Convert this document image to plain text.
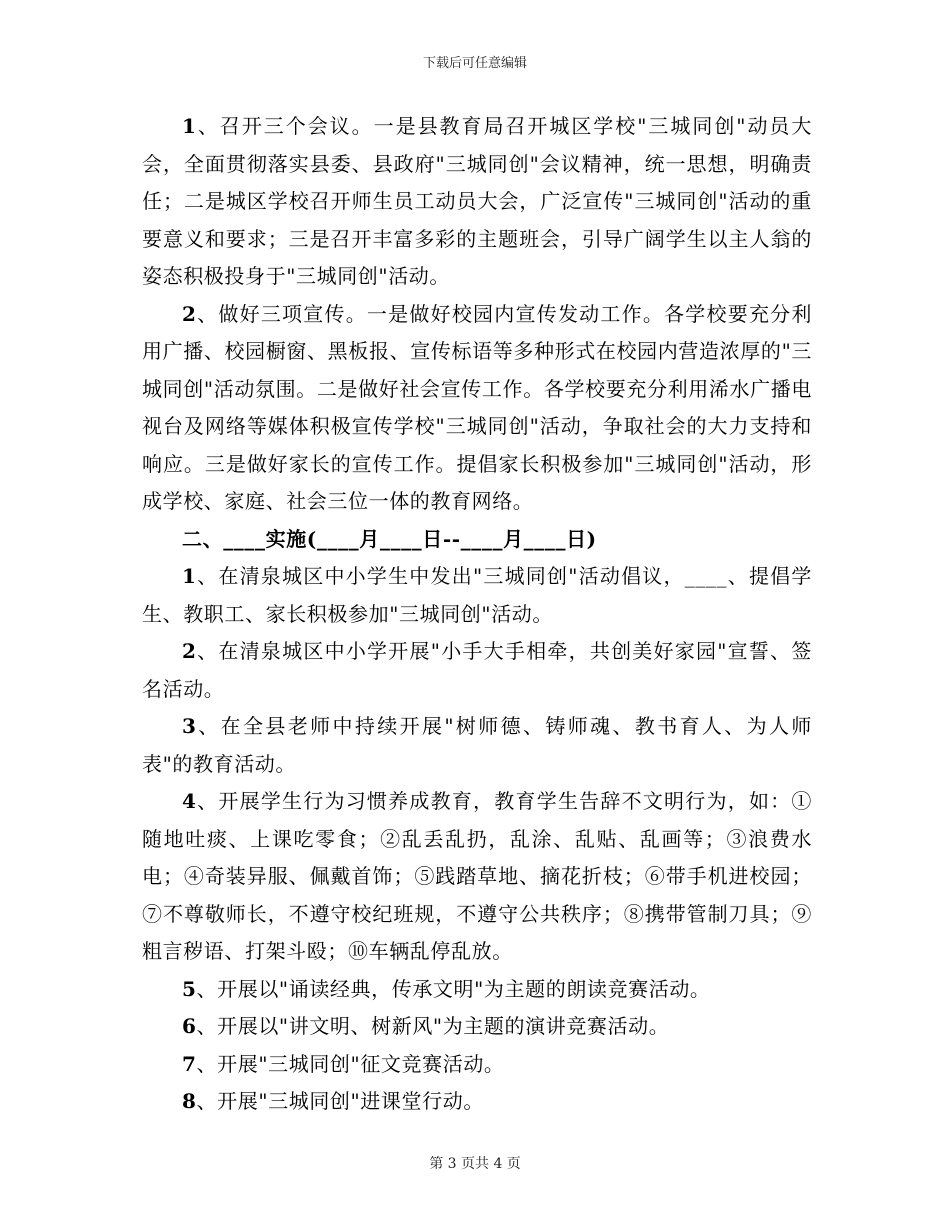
下载后可任意编辑

1、召开三个会议。一是县教育局召开城区学校"三城同创"动员大会，全面贯彻落实县委、县政府"三城同创"会议精神，统一思想，明确责任；二是城区学校召开师生员工动员大会，广泛宣传"三城同创"活动的重要意义和要求；三是召开丰富多彩的主题班会，引导广阔学生以主人翁的姿态积极投身于"三城同创"活动。

2、做好三项宣传。一是做好校园内宣传发动工作。各学校要充分利用广播、校园橱窗、黑板报、宣传标语等多种形式在校园内营造浓厚的"三城同创"活动氛围。二是做好社会宣传工作。各学校要充分利用浠水广播电视台及网络等媒体积极宣传学校"三城同创"活动，争取社会的大力支持和响应。三是做好家长的宣传工作。提倡家长积极参加"三城同创"活动，形成学校、家庭、社会三位一体的教育网络。

二、____实施(____月____日--____月____日)

1、在清泉城区中小学生中发出"三城同创"活动倡议，____、提倡学生、教职工、家长积极参加"三城同创"活动。

2、在清泉城区中小学开展"小手大手相牵，共创美好家园"宣誓、签名活动。

3、在全县老师中持续开展"树师德、铸师魂、教书育人、为人师表"的教育活动。

4、开展学生行为习惯养成教育，教育学生告辞不文明行为，如：①随地吐痰、上课吃零食；②乱丢乱扔，乱涂、乱贴、乱画等；③浪费水电；④奇装异服、佩戴首饰；⑤践踏草地、摘花折枝；⑥带手机进校园；⑦不尊敬师长，不遵守校纪班规，不遵守公共秩序；⑧携带管制刀具；⑨粗言秽语、打架斗殴；⑩车辆乱停乱放。

5、开展以"诵读经典，传承文明"为主题的朗读竞赛活动。

6、开展以"讲文明、树新风"为主题的演讲竞赛活动。

7、开展"三城同创"征文竞赛活动。

8、开展"三城同创"进课堂行动。

第 3 页共 4 页
